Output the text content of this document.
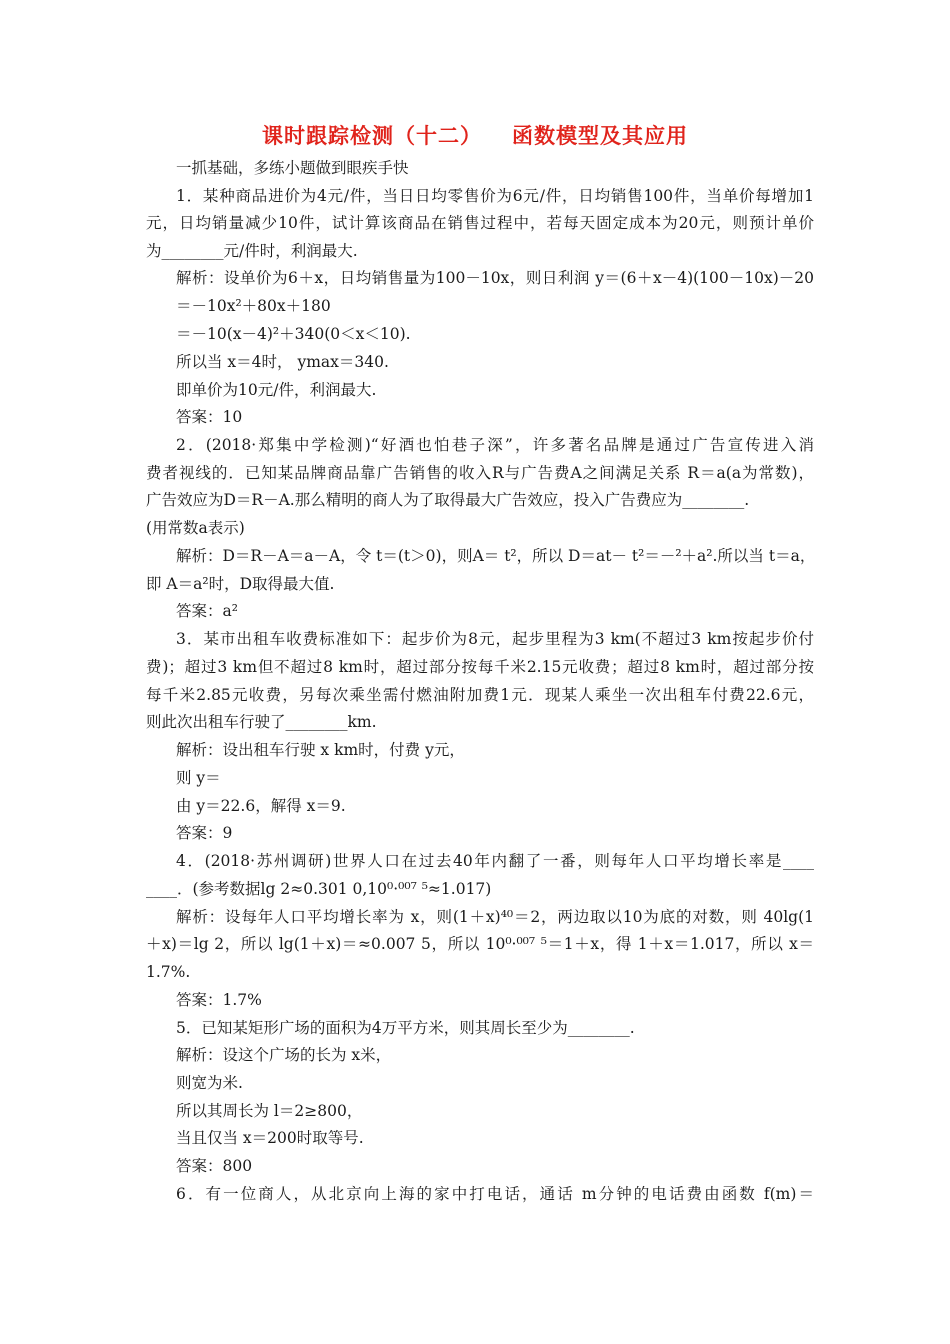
课时跟踪检测（十二） 函数模型及其应用
一抓基础，多练小题做到眼疾手快
1．某种商品进价为4元/件，当日日均零售价为6元/件，日均销售100件，当单价每增加1
元，日均销量减少10件，试计算该商品在销售过程中，若每天固定成本为20元，则预计单价
为________元/件时，利润最大.
解析：设单价为6＋x，日均销售量为100－10x，则日利润 y＝(6＋x－4)(100－10x)－20
＝－10x²＋80x＋180
＝－10(x－4)²＋340(0＜x＜10).
所以当 x＝4时， ymax＝340.
即单价为10元/件，利润最大.
答案：10
2．(2018·郑集中学检测)“好酒也怕巷子深”，许多著名品牌是通过广告宣传进入消
费者视线的．已知某品牌商品靠广告销售的收入R与广告费A之间满足关系 R＝a(a为常数)，
广告效应为D＝R－A.那么精明的商人为了取得最大广告效应，投入广告费应为________.
(用常数a表示)
解析：D＝R－A＝a－A，令 t＝(t＞0)，则A＝ t²，所以 D＝at－ t²＝－²＋a².所以当 t＝a，
即 A＝a²时，D取得最大值.
答案：a²
3．某市出租车收费标准如下：起步价为8元，起步里程为3 km(不超过3 km按起步价付
费)；超过3 km但不超过8 km时，超过部分按每千米2.15元收费；超过8 km时，超过部分按
每千米2.85元收费，另每次乘坐需付燃油附加费1元．现某人乘坐一次出租车付费22.6元，
则此次出租车行驶了________km.
解析：设出租车行驶 x km时，付费 y元，
则 y＝
由 y＝22.6，解得 x＝9.
答案：9
4．(2018·苏州调研)世界人口在过去40年内翻了一番，则每年人口平均增长率是____
____．(参考数据lg 2≈0.301 0,10⁰·⁰⁰⁷ ⁵≈1.017)
解析：设每年人口平均增长率为 x，则(1＋x)⁴⁰＝2，两边取以10为底的对数，则 40lg(1
＋x)＝lg 2，所以 lg(1＋x)＝≈0.007 5，所以 10⁰·⁰⁰⁷ ⁵＝1＋x，得 1＋x＝1.017，所以 x＝
1.7%.
答案：1.7%
5．已知某矩形广场的面积为4万平方米，则其周长至少为________.
解析：设这个广场的长为 x米，
则宽为米.
所以其周长为 l＝2≥800，
当且仅当 x＝200时取等号.
答案：800
6．有一位商人，从北京向上海的家中打电话，通话 m分钟的电话费由函数 f(m)＝
